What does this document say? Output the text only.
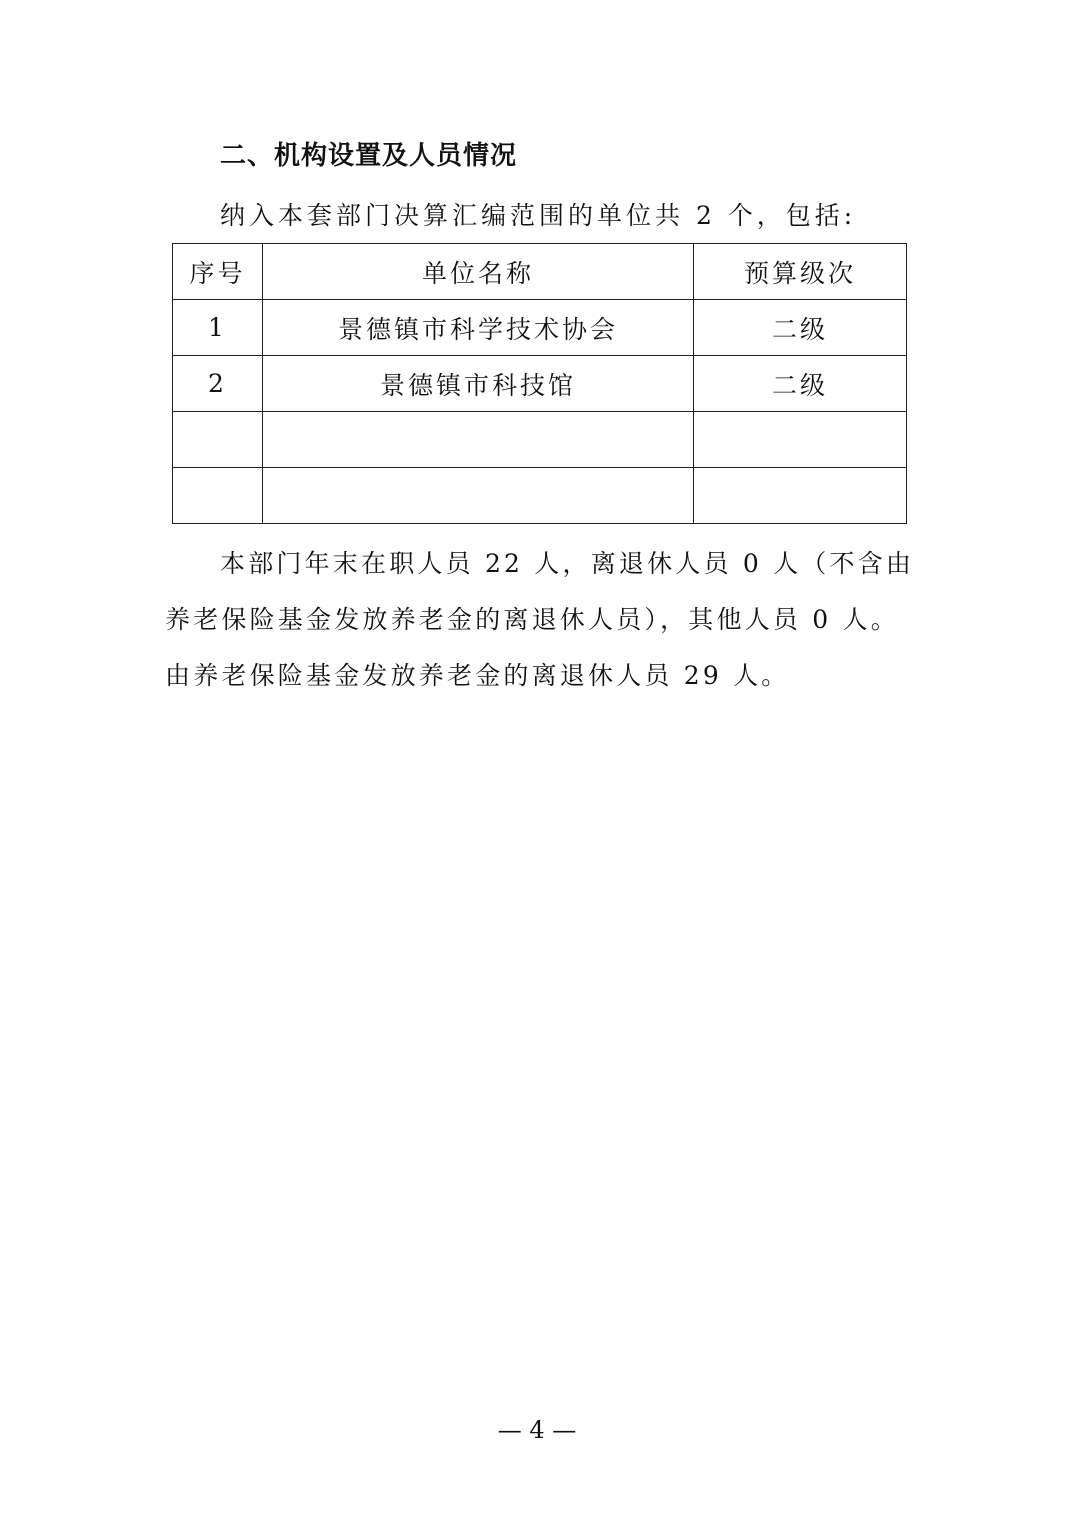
二、机构设置及人员情况
纳入本套部门决算汇编范围的单位共 2 个，包括:
序号	单位名称	预算级次
1	景德镇市科学技术协会	二级
2	景德镇市科技馆	二级

本部门年末在职人员 22 人，离退休人员 0 人（不含由
养老保险基金发放养老金的离退休人员），其他人员 0 人。
由养老保险基金发放养老金的离退休人员 29 人。
— 4 —
